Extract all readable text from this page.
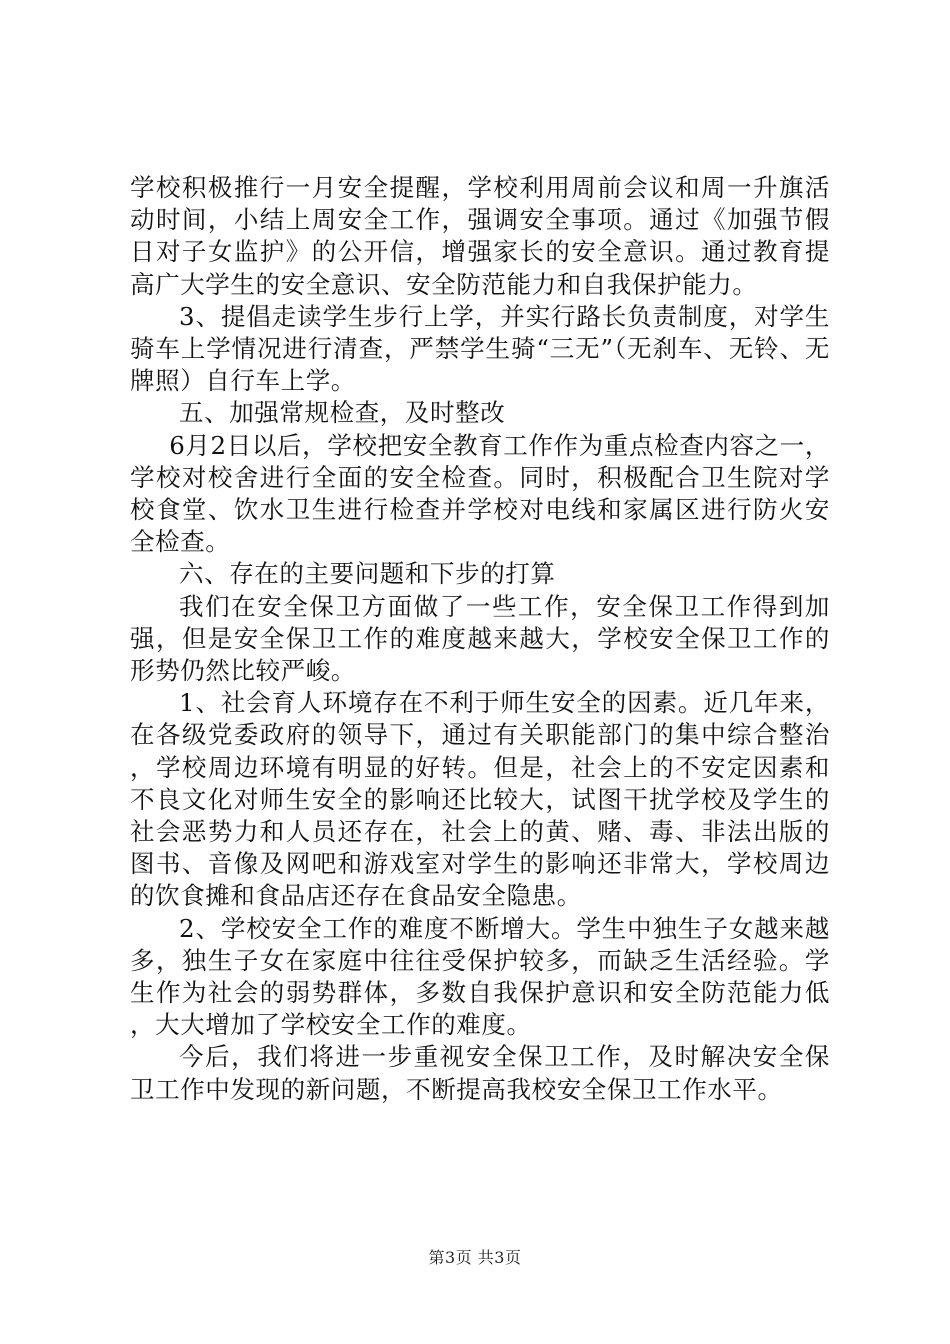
学校积极推行一月安全提醒，学校利用周前会议和周一升旗活动时间，小结上周安全工作，强调安全事项。通过《加强节假日对子女监护》的公开信，增强家长的安全意识。通过教育提高广大学生的安全意识、安全防范能力和自我保护能力。

3、提倡走读学生步行上学，并实行路长负责制度，对学生骑车上学情况进行清查，严禁学生骑“三无”（无刹车、无铃、无牌照）自行车上学。

五、加强常规检查，及时整改

6月2日以后，学校把安全教育工作作为重点检查内容之一，学校对校舍进行全面的安全检查。同时，积极配合卫生院对学校食堂、饮水卫生进行检查并学校对电线和家属区进行防火安全检查。

六、存在的主要问题和下步的打算

我们在安全保卫方面做了一些工作，安全保卫工作得到加强，但是安全保卫工作的难度越来越大，学校安全保卫工作的形势仍然比较严峻。

1、社会育人环境存在不利于师生安全的因素。近几年来，在各级党委政府的领导下，通过有关职能部门的集中综合整治，学校周边环境有明显的好转。但是，社会上的不安定因素和不良文化对师生安全的影响还比较大，试图干扰学校及学生的社会恶势力和人员还存在，社会上的黄、赌、毒、非法出版的图书、音像及网吧和游戏室对学生的影响还非常大，学校周边的饮食摊和食品店还存在食品安全隐患。

2、学校安全工作的难度不断增大。学生中独生子女越来越多，独生子女在家庭中往往受保护较多，而缺乏生活经验。学生作为社会的弱势群体，多数自我保护意识和安全防范能力低，大大增加了学校安全工作的难度。

今后，我们将进一步重视安全保卫工作，及时解决安全保卫工作中发现的新问题，不断提高我校安全保卫工作水平。

第3页 共3页
